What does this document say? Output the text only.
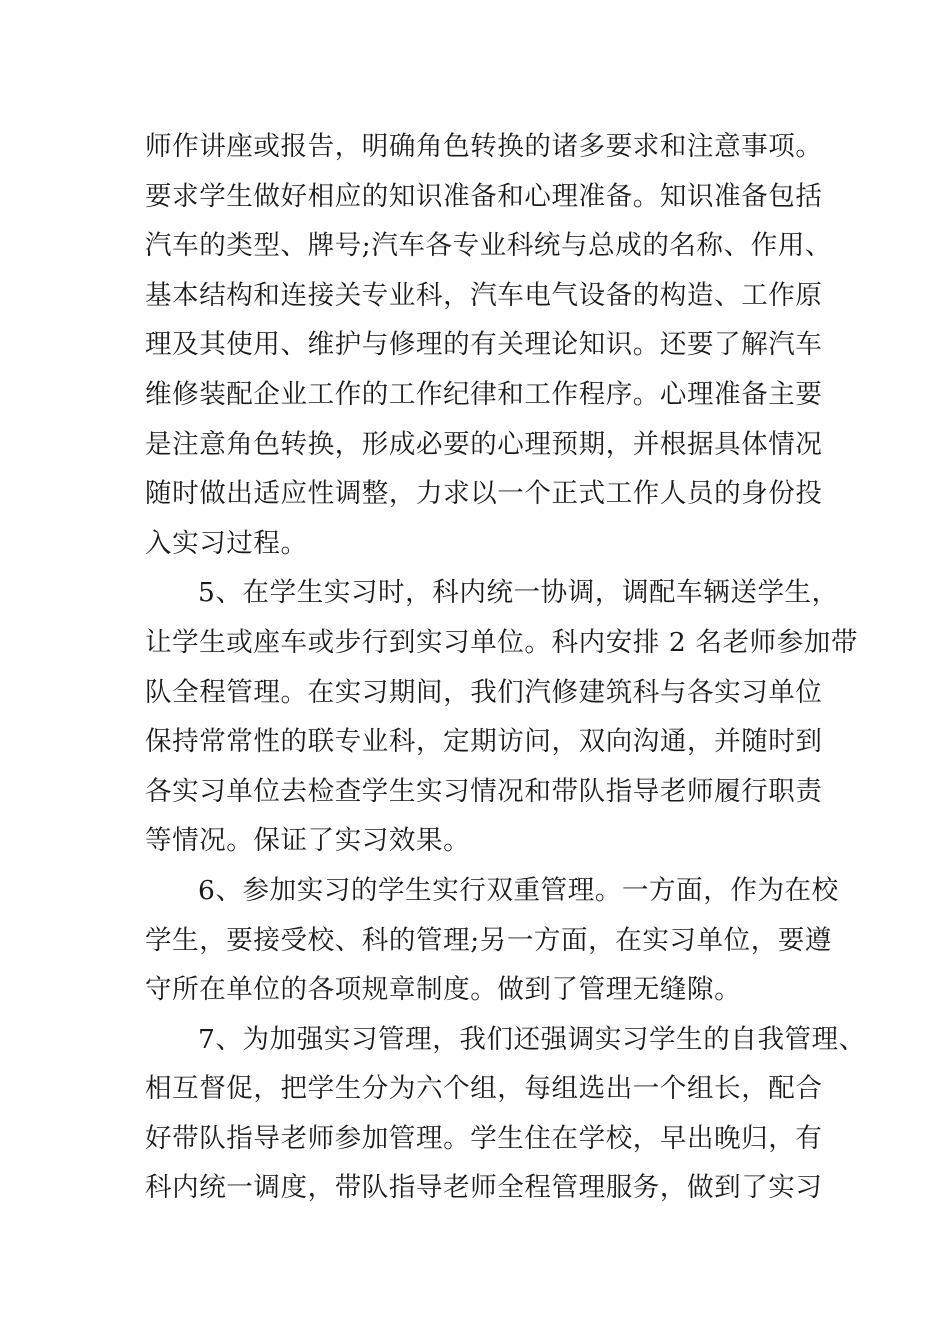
师作讲座或报告，明确角色转换的诸多要求和注意事项。
要求学生做好相应的知识准备和心理准备。知识准备包括
汽车的类型、牌号;汽车各专业科统与总成的名称、作用、
基本结构和连接关专业科，汽车电气设备的构造、工作原
理及其使用、维护与修理的有关理论知识。还要了解汽车
维修装配企业工作的工作纪律和工作程序。心理准备主要
是注意角色转换，形成必要的心理预期，并根据具体情况
随时做出适应性调整，力求以一个正式工作人员的身份投
入实习过程。
5、在学生实习时，科内统一协调，调配车辆送学生，
让学生或座车或步行到实习单位。科内安排 2 名老师参加带
队全程管理。在实习期间，我们汽修建筑科与各实习单位
保持常常性的联专业科，定期访问，双向沟通，并随时到
各实习单位去检查学生实习情况和带队指导老师履行职责
等情况。保证了实习效果。
6、参加实习的学生实行双重管理。一方面，作为在校
学生，要接受校、科的管理;另一方面，在实习单位，要遵
守所在单位的各项规章制度。做到了管理无缝隙。
7、为加强实习管理，我们还强调实习学生的自我管理、
相互督促，把学生分为六个组，每组选出一个组长，配合
好带队指导老师参加管理。学生住在学校，早出晚归，有
科内统一调度，带队指导老师全程管理服务，做到了实习
